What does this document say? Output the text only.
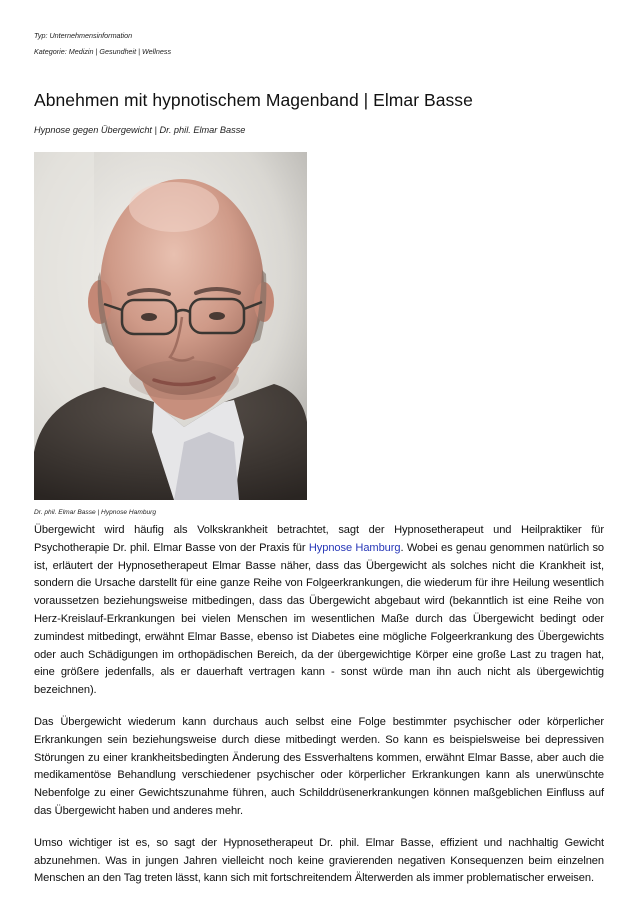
Typ: Unternehmensinformation

Kategorie: Medizin | Gesundheit | Wellness

Abnehmen mit hypnotischem Magenband | Elmar Basse

Hypnose gegen Übergewicht | Dr. phil. Elmar Basse

Dr. phil. Elmar Basse | Hypnose Hamburg

Übergewicht wird häufig als Volkskrankheit betrachtet, sagt der Hypnosetherapeut und Heilpraktiker für Psychotherapie Dr. phil. Elmar Basse von der Praxis für Hypnose Hamburg. Wobei es genau genommen natürlich so ist, erläutert der Hypnosetherapeut Elmar Basse näher, dass das Übergewicht als solches nicht die Krankheit ist, sondern die Ursache darstellt für eine ganze Reihe von Folgeerkrankungen, die wiederum für ihre Heilung wesentlich voraussetzen beziehungsweise mitbedingen, dass das Übergewicht abgebaut wird (bekanntlich ist eine Reihe von Herz-Kreislauf-Erkrankungen bei vielen Menschen im wesentlichen Maße durch das Übergewicht bedingt oder zumindest mitbedingt, erwähnt Elmar Basse, ebenso ist Diabetes eine mögliche Folgeerkrankung des Übergewichts oder auch Schädigungen im orthopädischen Bereich, da der übergewichtige Körper eine große Last zu tragen hat, eine größere jedenfalls, als er dauerhaft vertragen kann - sonst würde man ihn auch nicht als übergewichtig bezeichnen).

Das Übergewicht wiederum kann durchaus auch selbst eine Folge bestimmter psychischer oder körperlicher Erkrankungen sein beziehungsweise durch diese mitbedingt werden. So kann es beispielsweise bei depressiven Störungen zu einer krankheitsbedingten Änderung des Essverhaltens kommen, erwähnt Elmar Basse, aber auch die medikamentöse Behandlung verschiedener psychischer oder körperlicher Erkrankungen kann als unerwünschte Nebenfolge zu einer Gewichtszunahme führen, auch Schilddrüsenerkrankungen können maßgeblichen Einfluss auf das Übergewicht haben und anderes mehr.

Umso wichtiger ist es, so sagt der Hypnosetherapeut Dr. phil. Elmar Basse, effizient und nachhaltig Gewicht abzunehmen. Was in jungen Jahren vielleicht noch keine gravierenden negativen Konsequenzen beim einzelnen Menschen an den Tag treten lässt, kann sich mit fortschreitendem Älterwerden als immer problematischer erweisen.
